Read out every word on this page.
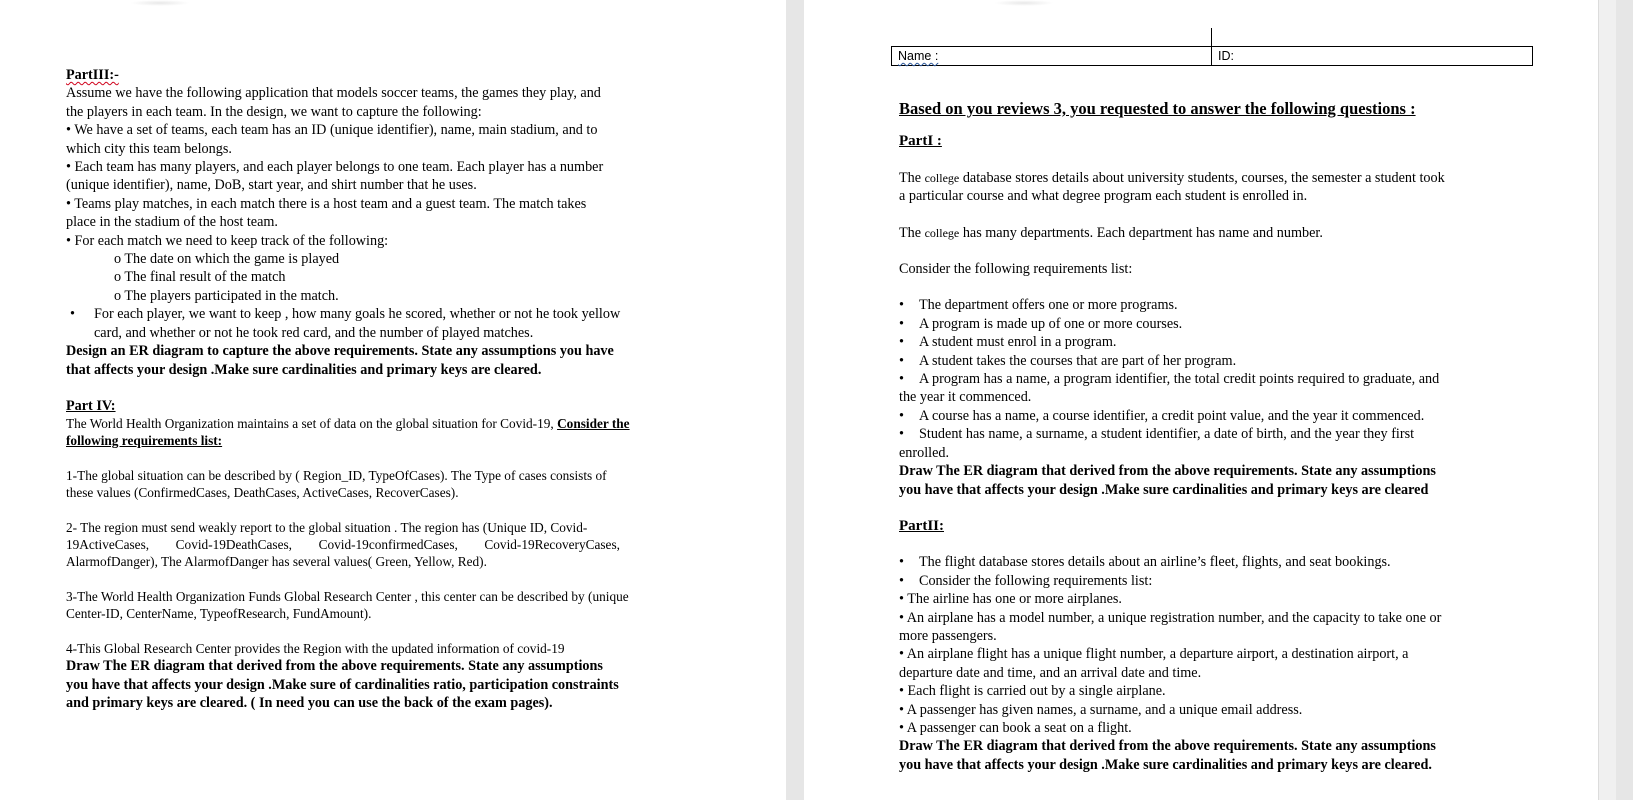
PartIII:-

Assume we have the following application that models soccer teams, the games they play, and

the players in each team. In the design, we want to capture the following:

• We have a set of teams, each team has an ID (unique identifier), name, main stadium, and to

which city this team belongs.

• Each team has many players, and each player belongs to one team. Each player has a number

(unique identifier), name, DoB, start year, and shirt number that he uses.

• Teams play matches, in each match there is a host team and a guest team. The match takes

place in the stadium of the host team.

• For each match we need to keep track of the following:

o The date on which the game is played

o The final result of the match

o The players participated in the match.

•	For each player, we want to keep , how many goals he scored, whether or not he took yellow

card, and whether or not he took red card, and the number of played matches.

Design an ER diagram to capture the above requirements. State any assumptions you have

that affects your design .Make sure cardinalities and primary keys are cleared.

Part IV:

The World Health Organization maintains a set of data on the global situation for Covid-19, Consider the

following requirements list:

1-The global situation can be described by ( Region_ID, TypeOfCases). The Type of cases consists of

these values (ConfirmedCases, DeathCases, ActiveCases, RecoverCases).

2- The region must send weakly report to the global situation . The region has (Unique ID, Covid-

19ActiveCases,        Covid-19DeathCases,        Covid-19confirmedCases,        Covid-19RecoveryCases,

AlarmofDanger), The AlarmofDanger has several values( Green, Yellow, Red).

3-The World Health Organization Funds Global Research Center , this center can be described by (unique

Center-ID, CenterName, TypeofResearch, FundAmount).

4-This Global Research Center provides the Region with the updated information of covid-19

Draw The ER diagram that derived from the above requirements. State any assumptions

you have that affects your design .Make sure of cardinalities ratio, participation constraints

and primary keys are cleared. ( In need you can use the back of the exam pages).

Name :	ID:

Based on you reviews 3, you requested to answer the following questions :

PartI :

The college database stores details about university students, courses, the semester a student took

a particular course and what degree program each student is enrolled in.

The college has many departments. Each department has name and number.

Consider the following requirements list:

•	The department offers one or more programs.
•	A program is made up of one or more courses.
•	A student must enrol in a program.
•	A student takes the courses that are part of her program.
•	A program has a name, a program identifier, the total credit points required to graduate, and

the year it commenced.

•	A course has a name, a course identifier, a credit point value, and the year it commenced.
•	Student has name, a surname, a student identifier, a date of birth, and the year they first

enrolled.

Draw The ER diagram that derived from the above requirements. State any assumptions

you have that affects your design .Make sure cardinalities and primary keys are cleared

PartII:

•	The flight database stores details about an airline’s fleet, flights, and seat bookings.
•	Consider the following requirements list:

• The airline has one or more airplanes.

• An airplane has a model number, a unique registration number, and the capacity to take one or

more passengers.

• An airplane flight has a unique flight number, a departure airport, a destination airport, a

departure date and time, and an arrival date and time.

• Each flight is carried out by a single airplane.

• A passenger has given names, a surname, and a unique email address.

• A passenger can book a seat on a flight.

Draw The ER diagram that derived from the above requirements. State any assumptions

you have that affects your design .Make sure cardinalities and primary keys are cleared.
